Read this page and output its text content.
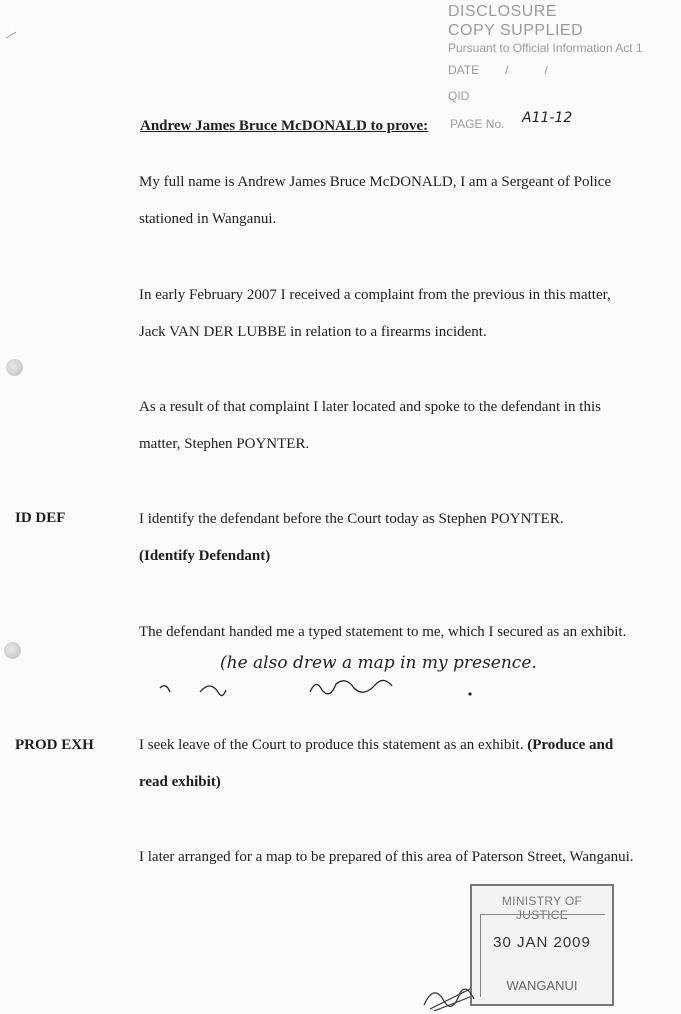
DISCLOSURE
COPY SUPPLIED
Pursuant to Official Information Act 1
DATE /	/
QID
Andrew James Bruce McDONALD to prove: PAGE No. A11-12
My full name is Andrew James Bruce McDONALD, I am a Sergeant of Police stationed in Wanganui.
In early February 2007 I received a complaint from the previous in this matter, Jack VAN DER LUBBE in relation to a firearms incident.
As a result of that complaint I later located and spoke to the defendant in this matter, Stephen POYNTER.
ID DEF	I identify the defendant before the Court today as Stephen POYNTER.
(Identify Defendant)
The defendant handed me a typed statement to me, which I secured as an exhibit.
(he also drew a map in my presence.
PROD EXH	I seek leave of the Court to produce this statement as an exhibit. (Produce and read exhibit)
I later arranged for a map to be prepared of this area of Paterson Street, Wanganui.
MINISTRY OF JUSTICE
30 JAN 2009
WANGANUI
